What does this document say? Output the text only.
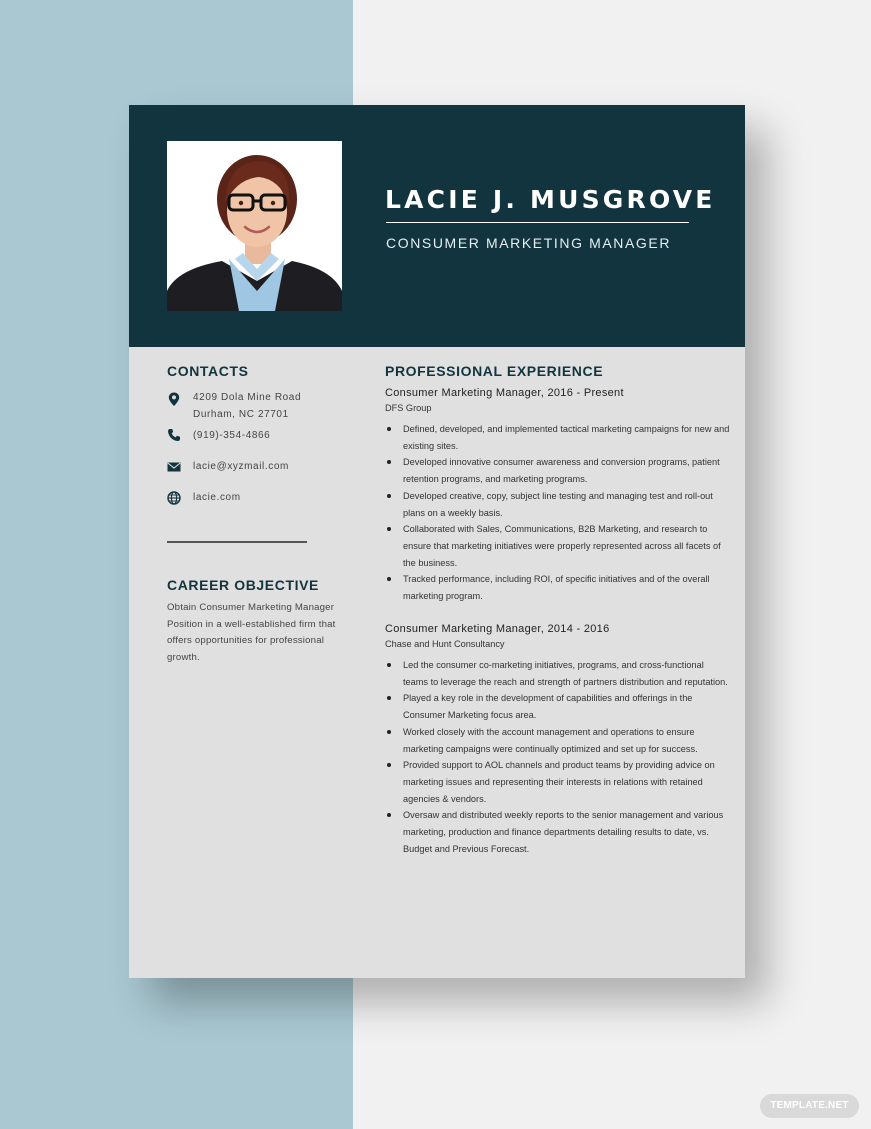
LACIE J. MUSGROVE
CONSUMER MARKETING MANAGER
CONTACTS
4209 Dola Mine Road
Durham, NC 27701
(919)-354-4866
lacie@xyzmail.com
lacie.com
CAREER OBJECTIVE
Obtain Consumer Marketing Manager Position in a well-established firm that offers opportunities for professional growth.
PROFESSIONAL EXPERIENCE
Consumer Marketing Manager, 2016 - Present
DFS Group
Defined, developed, and implemented tactical marketing campaigns for new and existing sites.
Developed innovative consumer awareness and conversion programs, patient retention programs, and marketing programs.
Developed creative, copy, subject line testing and managing test and roll-out plans on a weekly basis.
Collaborated with Sales, Communications, B2B Marketing, and research to ensure that marketing initiatives were properly represented across all facets of the business.
Tracked performance, including ROI, of specific initiatives and of the overall marketing program.
Consumer Marketing Manager, 2014 - 2016
Chase and Hunt Consultancy
Led the consumer co-marketing initiatives, programs, and cross-functional teams to leverage the reach and strength of partners distribution and reputation.
Played a key role in the development of capabilities and offerings in the Consumer Marketing focus area.
Worked closely with the account management and operations to ensure marketing campaigns were continually optimized and set up for success.
Provided support to AOL channels and product teams by providing advice on marketing issues and representing their interests in relations with retained agencies & vendors.
Oversaw and distributed weekly reports to the senior management and various marketing, production and finance departments detailing results to date, vs. Budget and Previous Forecast.
TEMPLATE.NET
